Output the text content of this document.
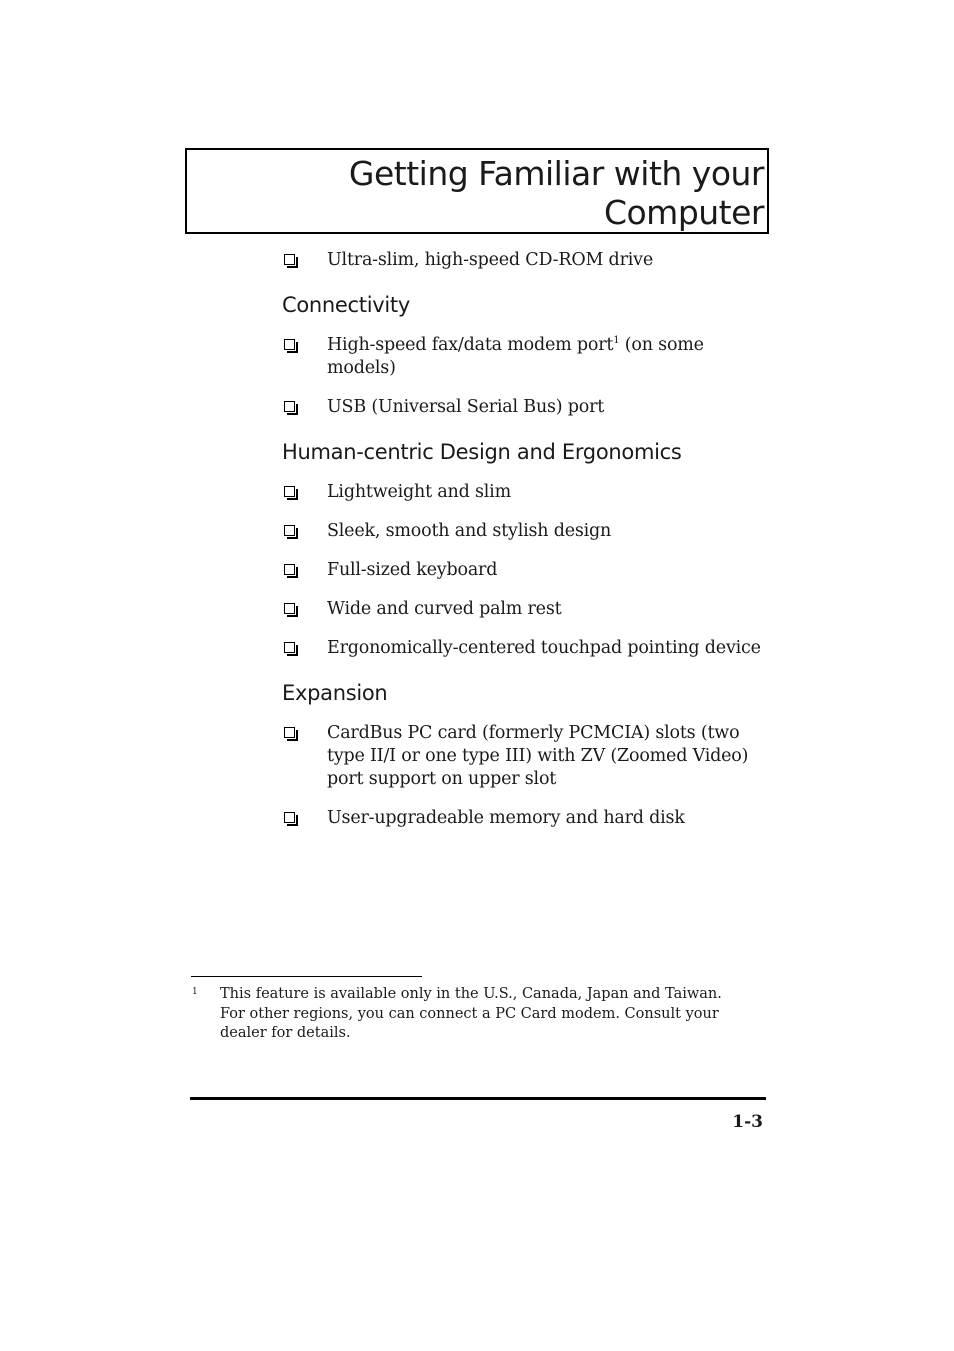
Getting Familiar with your
Computer
Ultra-slim, high-speed CD-ROM drive
Connectivity
High-speed fax/data modem port$^1$ (on some models)
USB (Universal Serial Bus) port
Human-centric Design and Ergonomics
Lightweight and slim
Sleek, smooth and stylish design
Full-sized keyboard
Wide and curved palm rest
Ergonomically-centered touchpad pointing device
Expansion
CardBus PC card (formerly PCMCIA) slots (two type II/I or one type III) with ZV (Zoomed Video) port support on upper slot
User-upgradeable memory and hard disk
1 This feature is available only in the U.S., Canada, Japan and Taiwan. For other regions, you can connect a PC Card modem. Consult your dealer for details.
1-3
